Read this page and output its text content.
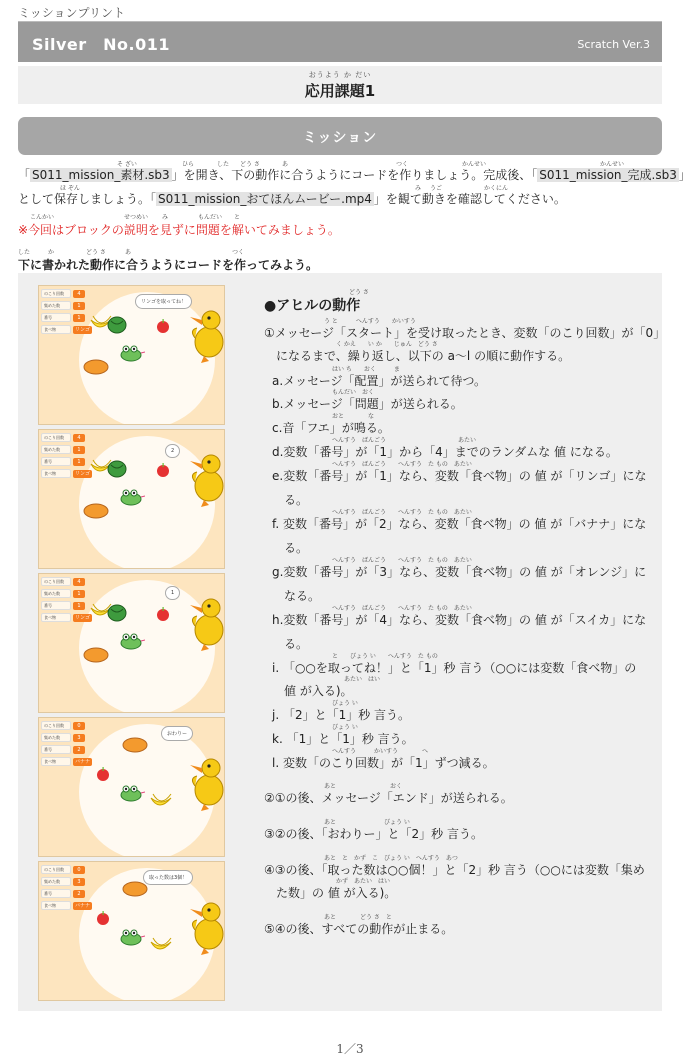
ミッションプリント
Silver　No.011	Scratch Ver.3
おうよう か だい
応用課題1
ミッション
そ ざい	ひら	した どう さ	あ	つく	かんせい	かんせい
「 S011_mission_素材.sb3 」を開き、下の動作に合うようにコードを作りましょう。完成後、「 S011_mission_完成.sb3 」
ほ ぞん	み うご	かくにん
として保存しましょう。「 S011_mission_おてほんムービー.mp4 」を観て動きを確認してください。
こんかい	せつめい み	もんだい と
※今回はブロックの説明を見ずに問題を解いてみましょう。
した	か	どう さ	あ	つく
下に書かれた動作に合うようにコードを作ってみよう。
のこり回数	4
集めた数	1
番号	1
食べ物	リンゴ
リンゴを取ってね！
のこり回数	4
集めた数	1
番号	1
食べ物	リンゴ
2
のこり回数	4
集めた数	1
番号	1
食べ物	リンゴ
1
のこり回数	0
集めた数	3
番号	2
食べ物	バナナ
おわりー
のこり回数	0
集めた数	3
番号	2
食べ物	バナナ
取った数は3個！
どう さ
●アヒルの動作
①メッセージ「スタート」を受け取ったとき、変数「のこり回数」が「0」
う と　　　へんすう　　かいすう
になるまで、繰り返し、以下の a〜l の順に動作する。
く かえ　　い か　　じゅん　どう さ
a.メッセージ「配置」が送られて待つ。
はい ち　　おく　　　ま
b.メッセージ「問題」が送られる。
もんだい　おく
c.音「フエ」が鳴る。
おと　　　　な
d.変数「番号」が「1」から「4」までのランダムな 値 になる。
へんすう　ばんごう　　　　　　　　　　　　あたい
e.変数「番号」が「1」なら、変数「食べ物」の 値 が「リンゴ」にな
へんすう　ばんごう　　へんすう　た もの　あたい
る。
f. 変数「番号」が「2」なら、変数「食べ物」の 値 が「バナナ」にな
へんすう　ばんごう　　へんすう　た もの　あたい
る。
g.変数「番号」が「3」なら、変数「食べ物」の 値 が「オレンジ」に
へんすう　ばんごう　　へんすう　た もの　あたい
なる。
h.変数「番号」が「4」なら、変数「食べ物」の 値 が「スイカ」にな
へんすう　ばんごう　　へんすう　た もの　あたい
る。
i. 「○○を取ってね！」と「1」秒 言う（○○には変数「食べ物」の
と　　びょう い　　へんすう　た もの
値 が入る)。
あたい　はい
j. 「2」と「1」秒 言う。
びょう い
k. 「1」と「1」秒 言う。
びょう い
l. 変数「のこり回数」が「1」ずつ減る。
へんすう　　　かいすう　　　　へ
②①の後、メッセージ「エンド」が送られる。
あと　　　　　　　　　おく
③②の後、「おわりー」と「2」秒 言う。
あと　　　　　　　　びょう い
④③の後、「取った数は○○個！」と「2」秒 言う（○○には変数「集め
あと　と　かず　こ　びょう い　へんすう　あつ
た数」の 値 が入る)。
かず　あたい　はい
⑤④の後、すべての動作が止まる。
あと　　　　どう さ　と
1／3
